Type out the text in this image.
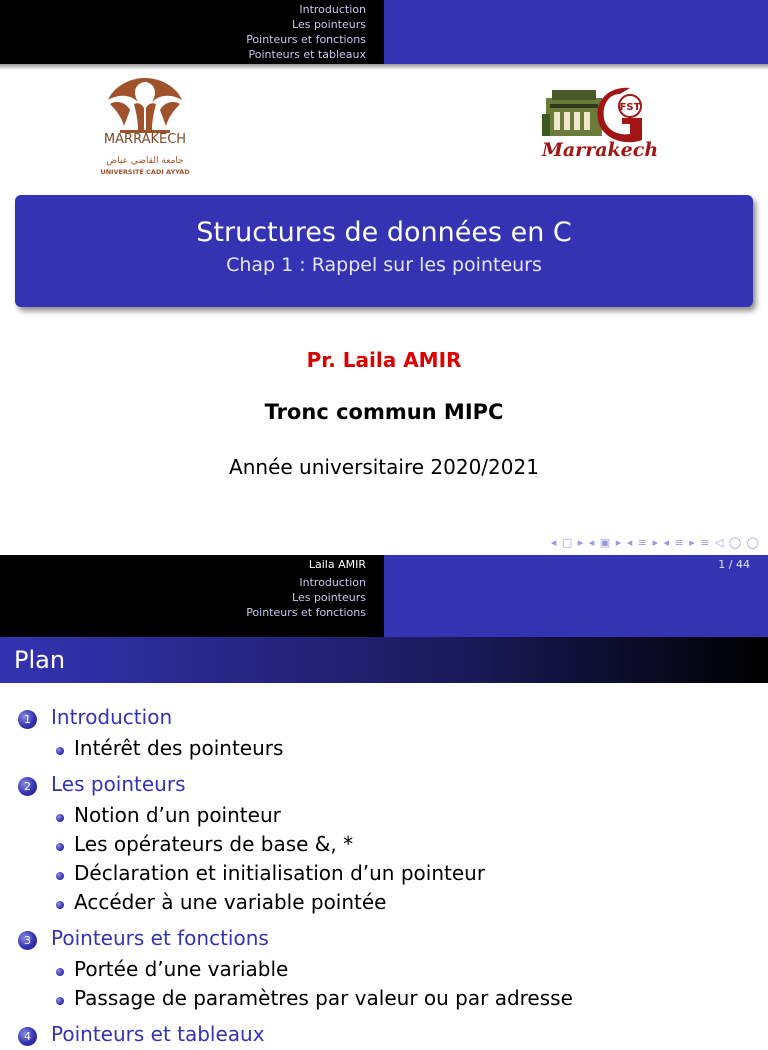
Introduction
Les pointeurs
Pointeurs et fonctions
Pointeurs et tableaux
MARRAKECH
جامعة القاضي عياض
UNIVERSITÉ CADI AYYAD
FST
Marrakech
Structures de données en C
Chap 1 : Rappel sur les pointeurs
Pr. Laila AMIR
Tronc commun MIPC
Année universitaire 2020/2021
◂ □ ▸ ◂ ▣ ▸ ◂ ≡ ▸ ◂ ≡ ▸ ≡ ◁ ◯ ◯
Laila AMIR
Introduction
Les pointeurs
Pointeurs et fonctions
1 / 44
Plan
1	Introduction
Intérêt des pointeurs
2	Les pointeurs
Notion d’un pointeur
Les opérateurs de base &, *
Déclaration et initialisation d’un pointeur
Accéder à une variable pointée
3	Pointeurs et fonctions
Portée d’une variable
Passage de paramètres par valeur ou par adresse
4	Pointeurs et tableaux
